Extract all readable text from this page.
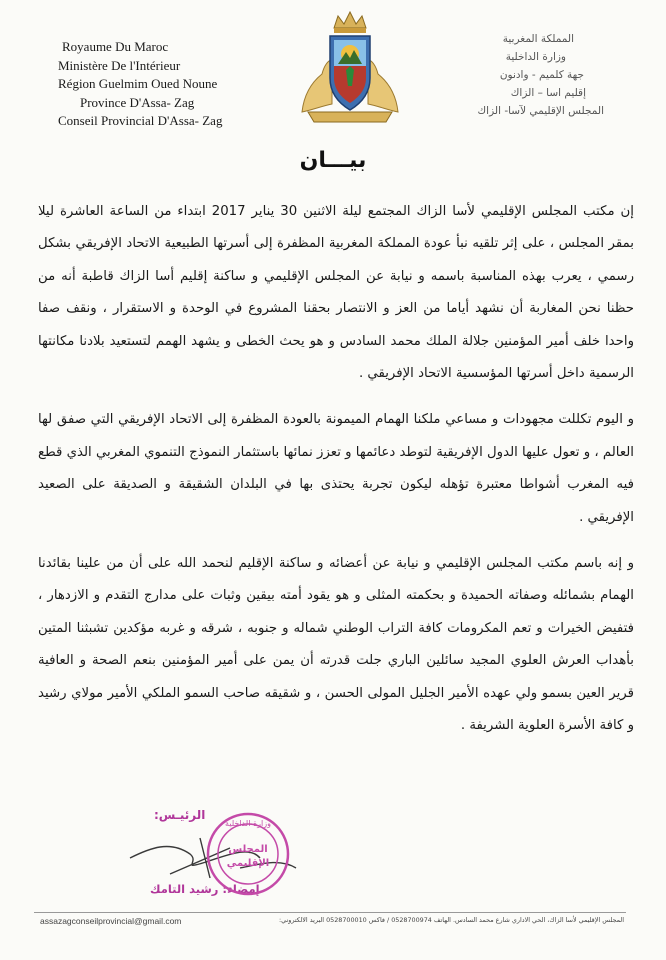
Royaume Du Maroc
Ministère De l'Intérieur
Région Guelmim Oued Noune
Province D'Assa- Zag
Conseil Provincial D'Assa- Zag
المملكة المغربية
وزارة الداخلية
جهة كلميم - وادنون
إقليم اسا – الزاك
المجلس الإقليمي لآسا- الزاك
بيـــان

إن مكتب المجلس الإقليمي لأسا الزاك المجتمع ليلة الاثنين 30 يناير 2017 ابتداء من الساعة العاشرة ليلا بمقر المجلس ، على إثر تلقيه نبأ عودة المملكة المغربية المظفرة إلى أسرتها الطبيعية الاتحاد الإفريقي بشكل رسمي ، يعرب بهذه المناسبة باسمه و نيابة عن المجلس الإقليمي و ساكنة إقليم أسا الزاك قاطبة أنه من حظنا نحن المغاربة أن نشهد أياما من العز و الانتصار بحقنا المشروع في الوحدة و الاستقرار ، ونقف صفا واحدا خلف أمير المؤمنين جلالة الملك محمد السادس و هو يحث الخطى و يشهد الهمم لتستعيد بلادنا مكانتها الرسمية داخل أسرتها المؤسسية الاتحاد الإفريقي .

و اليوم تكللت مجهودات و مساعي ملكنا الهمام الميمونة بالعودة المظفرة إلى الاتحاد الإفريقي التي صفق لها العالم ، و تعول عليها الدول الإفريقية لتوطد دعائمها و تعزز نمائها باستثمار النموذج التنموي المغربي الذي قطع فيه المغرب أشواطا معتبرة تؤهله ليكون تجربة يحتذى بها في البلدان الشقيقة و الصديقة على الصعيد الإفريقي .

و إنه باسم مكتب المجلس الإقليمي و نيابة عن أعضائه و ساكنة الإقليم لنحمد الله على أن من علينا بقائدنا الهمام بشمائله وصفاته الحميدة و بحكمته المثلى و هو يقود أمته بيقين وثبات على مدارج التقدم و الازدهار ، فتفيض الخيرات و تعم المكرومات كافة التراب الوطني شماله و جنوبه ، شرقه و غربه مؤكدين تشبثنا المتين بأهداب العرش العلوي المجيد سائلين الباري جلت قدرته أن يمن على أمير المؤمنين بنعم الصحة و العافية قرير العين بسمو ولي عهده الأمير الجليل المولى الحسن ، و شقيقه صاحب السمو الملكي الأمير مولاي رشيد و كافة الأسرة العلوية الشريفة .

الرئيـس:
إمضاء: رشيد التامك
وزارة الداخلية
المجلس
الإقليمي
assazagconseilprovincial@gmail.com	المجلس الإقليمي لأسا الزاك، الحي الاداري شارع محمد السادس. الهاتف 0528700974 / فاكس 0528700010 البريد الالكتروني:
